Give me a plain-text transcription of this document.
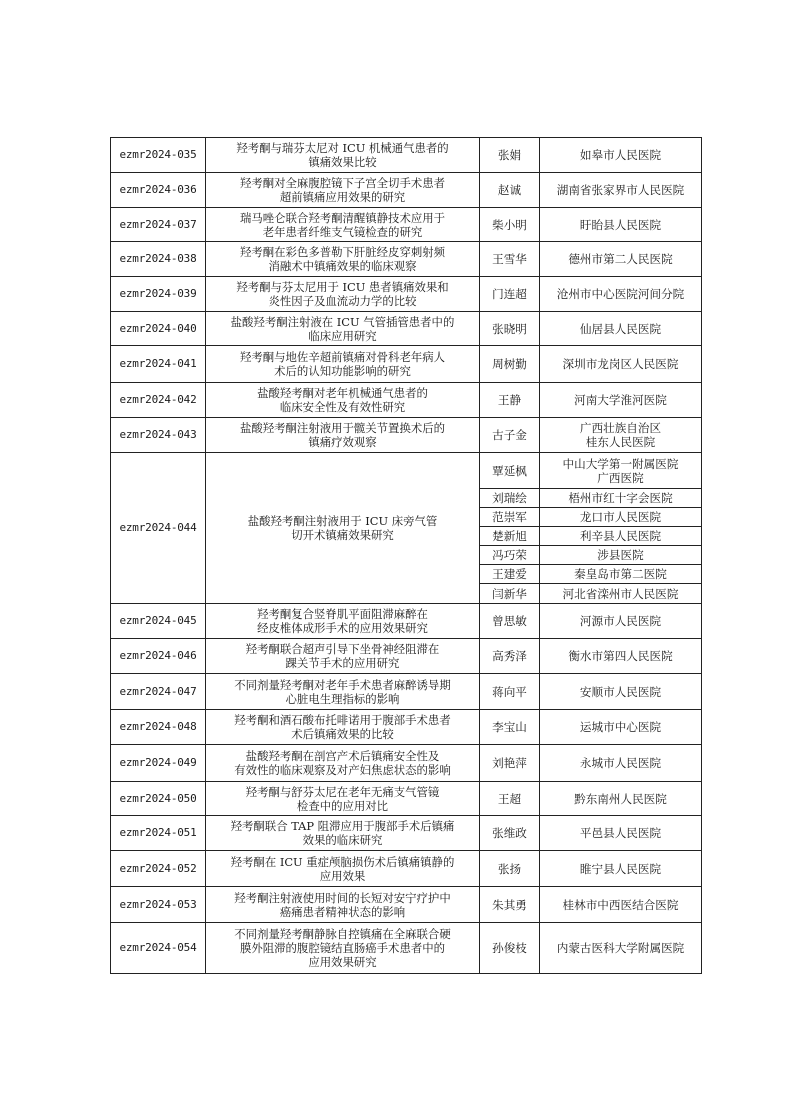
ezmr2024-035	羟考酮与瑞芬太尼对 ICU 机械通气患者的
镇痛效果比较	张娟	如皋市人民医院

ezmr2024-036	羟考酮对全麻腹腔镜下子宫全切手术患者
超前镇痛应用效果的研究	赵诚	湖南省张家界市人民医院

ezmr2024-037	瑞马唑仑联合羟考酮清醒镇静技术应用于
老年患者纤维支气镜检查的研究	柴小明	盱眙县人民医院

ezmr2024-038	羟考酮在彩色多普勒下肝脏经皮穿刺射频
消融术中镇痛效果的临床观察	王雪华	德州市第二人民医院

ezmr2024-039	羟考酮与芬太尼用于 ICU 患者镇痛效果和
炎性因子及血流动力学的比较	门连超	沧州市中心医院河间分院

ezmr2024-040	盐酸羟考酮注射液在 ICU 气管插管患者中的
临床应用研究	张晓明	仙居县人民医院

ezmr2024-041	羟考酮与地佐辛超前镇痛对骨科老年病人
术后的认知功能影响的研究	周树勤	深圳市龙岗区人民医院

ezmr2024-042	盐酸羟考酮对老年机械通气患者的
临床安全性及有效性研究	王静	河南大学淮河医院

ezmr2024-043	盐酸羟考酮注射液用于髋关节置换术后的
镇痛疗效观察	古子金	广西壮族自治区
桂东人民医院

ezmr2024-044	盐酸羟考酮注射液用于 ICU 床旁气管
切开术镇痛效果研究	覃延枫	中山大学第一附属医院
广西医院

		刘瑞绘	梧州市红十字会医院

		范崇军	龙口市人民医院

		楚新旭	利辛县人民医院

		冯巧荣	涉县医院

		王建爱	秦皇岛市第二医院

		闫新华	河北省滦州市人民医院

ezmr2024-045	羟考酮复合竖脊肌平面阻滞麻醉在
经皮椎体成形手术的应用效果研究	曾思敏	河源市人民医院

ezmr2024-046	羟考酮联合超声引导下坐骨神经阻滞在
踝关节手术的应用研究	高秀泽	衡水市第四人民医院

ezmr2024-047	不同剂量羟考酮对老年手术患者麻醉诱导期
心脏电生理指标的影响	蒋向平	安顺市人民医院

ezmr2024-048	羟考酮和酒石酸布托啡诺用于腹部手术患者
术后镇痛效果的比较	李宝山	运城市中心医院

ezmr2024-049	盐酸羟考酮在剖宫产术后镇痛安全性及
有效性的临床观察及对产妇焦虑状态的影响	刘艳萍	永城市人民医院

ezmr2024-050	羟考酮与舒芬太尼在老年无痛支气管镜
检查中的应用对比	王超	黔东南州人民医院

ezmr2024-051	羟考酮联合 TAP 阻滞应用于腹部手术后镇痛
效果的临床研究	张维政	平邑县人民医院

ezmr2024-052	羟考酮在 ICU 重症颅脑损伤术后镇痛镇静的
应用效果	张扬	睢宁县人民医院

ezmr2024-053	羟考酮注射液使用时间的长短对安宁疗护中
癌痛患者精神状态的影响	朱其勇	桂林市中西医结合医院

ezmr2024-054	不同剂量羟考酮静脉自控镇痛在全麻联合硬
膜外阻滞的腹腔镜结直肠癌手术患者中的
应用效果研究	孙俊枝	内蒙古医科大学附属医院
